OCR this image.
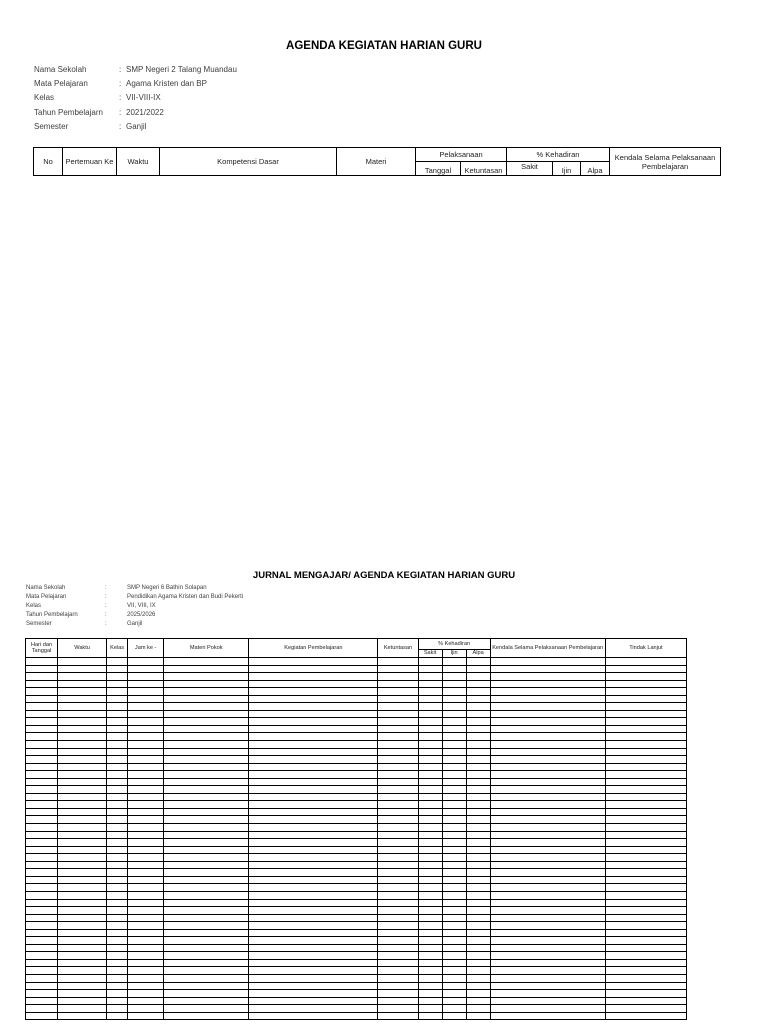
AGENDA KEGIATAN HARIAN GURU
Nama Sekolah	: SMP Negeri 2 Talang Muandau
Mata Pelajaran	: Agama Kristen dan BP
Kelas	: VII-VIII-IX
Tahun Pembelajarn : 2021/2022
Semester	: Ganjil
No	Pertemuan Ke	Waktu	Kompetensi Dasar	Materi	Pelaksanaan		% Kehadiran			Kendala Selama Pelaksanaan Pembelajaran
					Tanggal	Ketuntasan	Sakit	Ijin	Alpa	
JURNAL MENGAJAR/ AGENDA KEGIATAN HARIAN GURU
Nama Sekolah	:	SMP Negeri 6 Bathin Solapan
Mata Pelajaran	:	Pendidikan Agama Kristen dan Budi Pekerti
Kelas	:	VII, VIII, IX
Tahun Pembelajarn	:	2025/2026
Semester	:	Ganjil
Hari dan Tanggal	Waktu	Kelas	Jam ke -	Materi Pokok	Kegiatan Pembelajaran	Ketuntasan	% Kehadiran			Kendala Selama Pelaksanaan Pembelajaran	Tindak Lanjut
							Sakit	Ijin	Alpa		
